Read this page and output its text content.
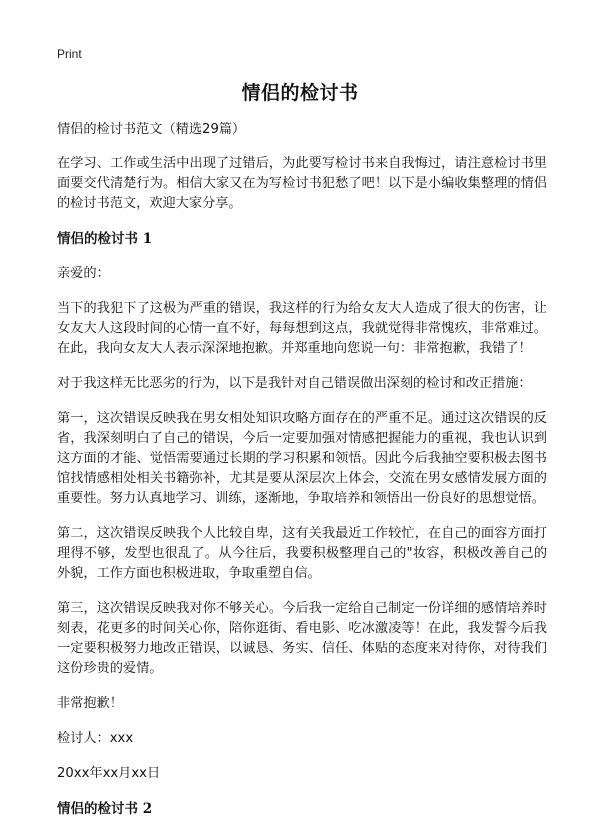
Print
情侣的检讨书
情侣的检讨书范文（精选29篇）
在学习、工作或生活中出现了过错后，为此要写检讨书来自我悔过，请注意检讨书里面要交代清楚行为。相信大家又在为写检讨书犯愁了吧！以下是小编收集整理的情侣的检讨书范文，欢迎大家分享。
情侣的检讨书 1
亲爱的：
当下的我犯下了这极为严重的错误，我这样的行为给女友大人造成了很大的伤害，让女友大人这段时间的心情一直不好，每每想到这点，我就觉得非常愧疚，非常难过。在此，我向女友大人表示深深地抱歉。并郑重地向您说一句：非常抱歉，我错了！
对于我这样无比恶劣的行为，以下是我针对自己错误做出深刻的检讨和改正措施：
第一，这次错误反映我在男女相处知识攻略方面存在的严重不足。通过这次错误的反省，我深刻明白了自己的错误，今后一定要加强对情感把握能力的重视，我也认识到这方面的才能、觉悟需要通过长期的学习积累和领悟。因此今后我抽空要积极去图书馆找情感相处相关书籍弥补，尤其是要从深层次上体会，交流在男女感情发展方面的重要性。努力认真地学习、训练，逐渐地，争取培养和领悟出一份良好的思想觉悟。
第二，这次错误反映我个人比较自卑，这有关我最近工作较忙，在自己的面容方面打理得不够，发型也很乱了。从今往后，我要积极整理自己的"妆容，积极改善自己的外貌，工作方面也积极进取，争取重塑自信。
第三，这次错误反映我对你不够关心。今后我一定给自己制定一份详细的感情培养时刻表，花更多的时间关心你，陪你逛街、看电影、吃冰激凌等！在此，我发誓今后我一定要积极努力地改正错误，以诚恳、务实、信任、体贴的态度来对待你，对待我们这份珍贵的爱情。
非常抱歉！
检讨人：xxx
20xx年xx月xx日
情侣的检讨书 2
